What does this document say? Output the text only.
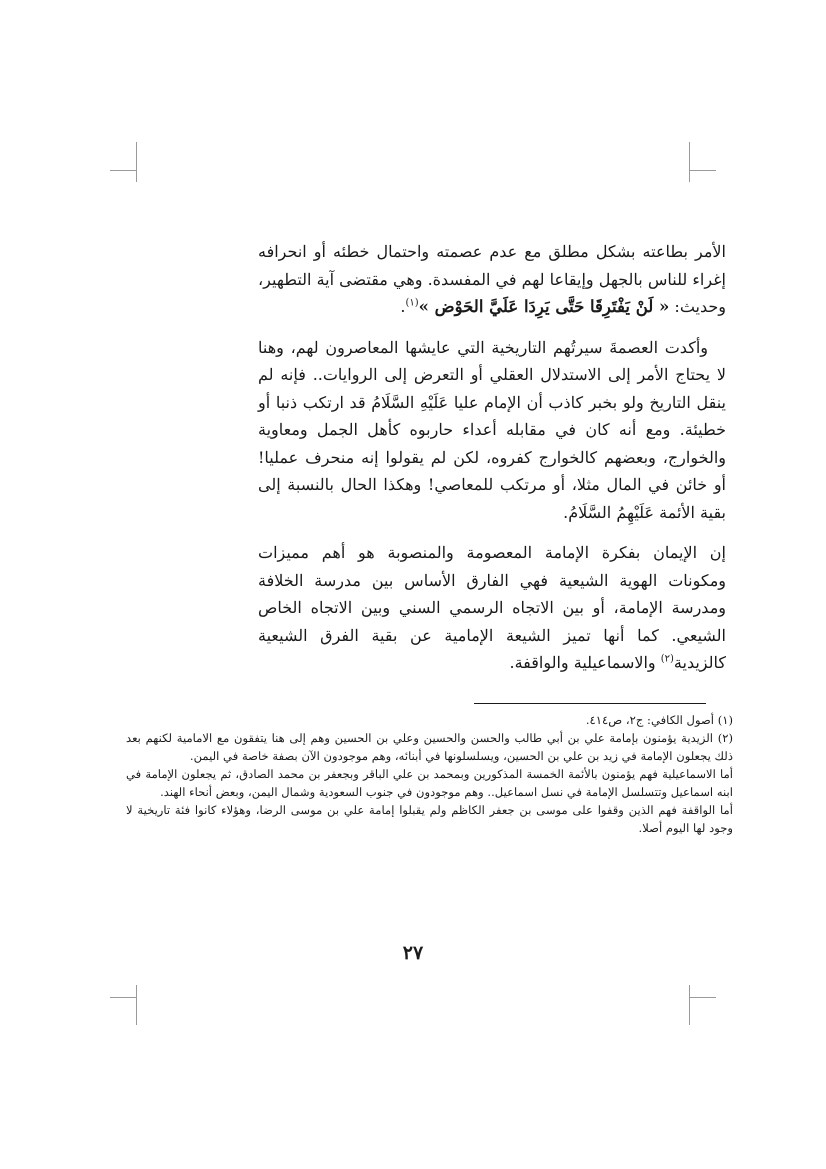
الأمر بطاعته بشكل مطلق مع عدم عصمته واحتمال خطئه أو انحرافه إغراء للناس بالجهل وإيقاعا لهم في المفسدة. وهي مقتضى آية التطهير، وحديث: « لَنْ يَفْتَرِقَا حَتَّى يَرِدَا عَلَيَّ الحَوْض »$^{(١)}$.

وأكدت العصمةَ سيرتُهم التاريخية التي عايشها المعاصرون لهم، وهنا لا يحتاج الأمر إلى الاستدلال العقلي أو التعرض إلى الروايات.. فإنه لم ينقل التاريخ ولو بخبر كاذب أن الإمام عليا عَلَيْهِ السَّلَامُ قد ارتكب ذنبا أو خطيئة. ومع أنه كان في مقابله أعداء حاربوه كأهل الجمل ومعاوية والخوارج، وبعضهم كالخوارج كفروه، لكن لم يقولوا إنه منحرف عمليا! أو خائن في المال مثلا، أو مرتكب للمعاصي! وهكذا الحال بالنسبة إلى بقية الأئمة عَلَيْهِمُ السَّلَامُ.

إن الإيمان بفكرة الإمامة المعصومة والمنصوبة هو أهم مميزات ومكونات الهوية الشيعية فهي الفارق الأساس بين مدرسة الخلافة ومدرسة الإمامة، أو بين الاتجاه الرسمي السني وبين الاتجاه الخاص الشيعي. كما أنها تميز الشيعة الإمامية عن بقية الفرق الشيعية كالزيدية$^{(٢)}$ والاسماعيلية والواقفة.

(١) أصول الكافي: ج٢، ص٤١٤.

(٢) الزيدية يؤمنون بإمامة علي بن أبي طالب والحسن والحسين وعلي بن الحسين وهم إلى هنا يتفقون مع الامامية لكنهم بعد ذلك يجعلون الإمامة في زيد بن علي بن الحسين، ويسلسلونها في أبنائه، وهم موجودون الآن بصفة خاصة في اليمن.

أما الاسماعيلية فهم يؤمنون بالأئمة الخمسة المذكورين وبمحمد بن علي الباقر وبجعفر بن محمد الصادق، ثم يجعلون الإمامة في ابنه اسماعيل وتتسلسل الإمامة في نسل اسماعيل.. وهم موجودون في جنوب السعودية وشمال اليمن، وبعض أنحاء الهند.

أما الواقفة فهم الذين وقفوا على موسى بن جعفر الكاظم ولم يقبلوا إمامة علي بن موسى الرضا، وهؤلاء كانوا فئة تاريخية لا وجود لها اليوم أصلا.

٢٧
